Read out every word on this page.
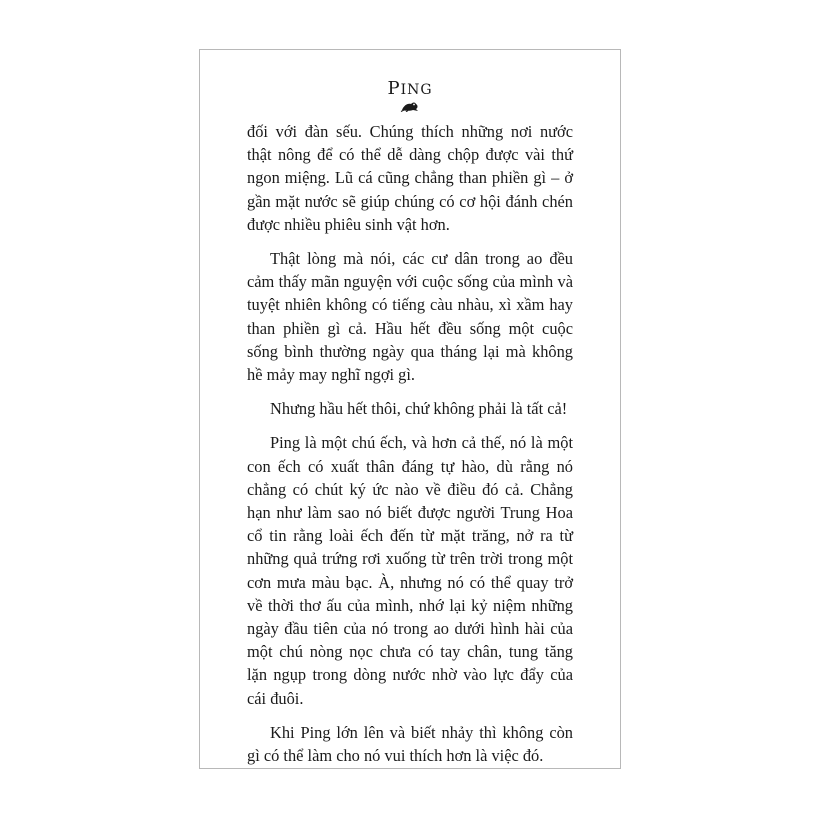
PING

đối với đàn sếu. Chúng thích những nơi nước thật nông để có thể dễ dàng chộp được vài thứ ngon miệng. Lũ cá cũng chẳng than phiền gì – ở gần mặt nước sẽ giúp chúng có cơ hội đánh chén được nhiều phiêu sinh vật hơn.

Thật lòng mà nói, các cư dân trong ao đều cảm thấy mãn nguyện với cuộc sống của mình và tuyệt nhiên không có tiếng càu nhàu, xì xầm hay than phiền gì cả. Hầu hết đều sống một cuộc sống bình thường ngày qua tháng lại mà không hề mảy may nghĩ ngợi gì.

Nhưng hầu hết thôi, chứ không phải là tất cả!

Ping là một chú ếch, và hơn cả thế, nó là một con ếch có xuất thân đáng tự hào, dù rằng nó chẳng có chút ký ức nào về điều đó cả. Chẳng hạn như làm sao nó biết được người Trung Hoa cổ tin rằng loài ếch đến từ mặt trăng, nở ra từ những quả trứng rơi xuống từ trên trời trong một cơn mưa màu bạc. À, nhưng nó có thể quay trở về thời thơ ấu của mình, nhớ lại kỷ niệm những ngày đầu tiên của nó trong ao dưới hình hài của một chú nòng nọc chưa có tay chân, tung tăng lặn ngụp trong dòng nước nhờ vào lực đẩy của cái đuôi.

Khi Ping lớn lên và biết nhảy thì không còn gì có thể làm cho nó vui thích hơn là việc đó.
